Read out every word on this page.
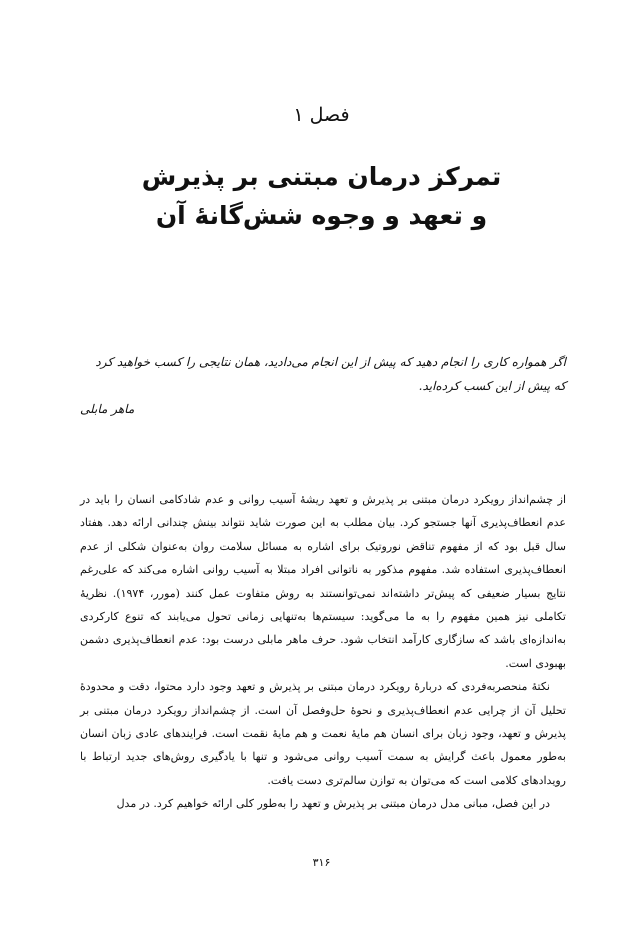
فصل ۱
تمرکز درمان مبتنی بر پذیرش
و تعهد و وجوه شش‌گانهٔ آن

اگر همواره کاری را انجام دهید که پیش از این انجام می‌دادید، همان نتایجی را کسب خواهید کرد

که پیش از این کسب کرده‌اید.

ماهر مابلی

از چشم‌انداز رویکرد درمان مبتنی بر پذیرش و تعهد ریشهٔ آسیب روانی و عدم شادکامی انسان را باید در عدم انعطاف‌پذیری آنها جستجو کرد. بیان مطلب به این صورت شاید نتواند بینش چندانی ارائه دهد. هفتاد سال قبل بود که از مفهوم تناقض نوروتیک برای اشاره به مسائل سلامت روان به‌عنوان شکلی از عدم انعطاف‌پذیری استفاده شد. مفهوم مذکور به ناتوانی افراد مبتلا به آسیب روانی اشاره می‌کند که علی‌رغم نتایج بسیار ضعیفی که پیش‌تر داشته‌اند نمی‌توانستند به روش متفاوت عمل کنند (مورر، ۱۹۷۴). نظریهٔ تکاملی نیز همین مفهوم را به ما می‌گوید: سیستم‌ها به‌تنهایی زمانی تحول می‌یابند که تنوع کارکردی به‌اندازه‌ای باشد که سازگاری کارآمد انتخاب شود. حرف ماهر مابلی درست بود: عدم انعطاف‌پذیری دشمن بهبودی است.

نکتهٔ منحصربه‌فردی که دربارهٔ رویکرد درمان مبتنی بر پذیرش و تعهد وجود دارد محتوا، دقت و محدودهٔ تحلیل آن از چرایی عدم انعطاف‌پذیری و نحوهٔ حل‌وفصل آن است. از چشم‌انداز رویکرد درمان مبتنی بر پذیرش و تعهد، وجود زبان برای انسان هم مایهٔ نعمت و هم مایهٔ نقمت است. فرایندهای عادی زبان انسان به‌طور معمول باعث گرایش به سمت آسیب روانی می‌شود و تنها با یادگیری روش‌های جدید ارتباط با رویدادهای کلامی است که می‌توان به توازن سالم‌تری دست یافت.

در این فصل، مبانی مدل درمان مبتنی بر پذیرش و تعهد را به‌طور کلی ارائه خواهیم کرد. در مدل

۳۱۶
